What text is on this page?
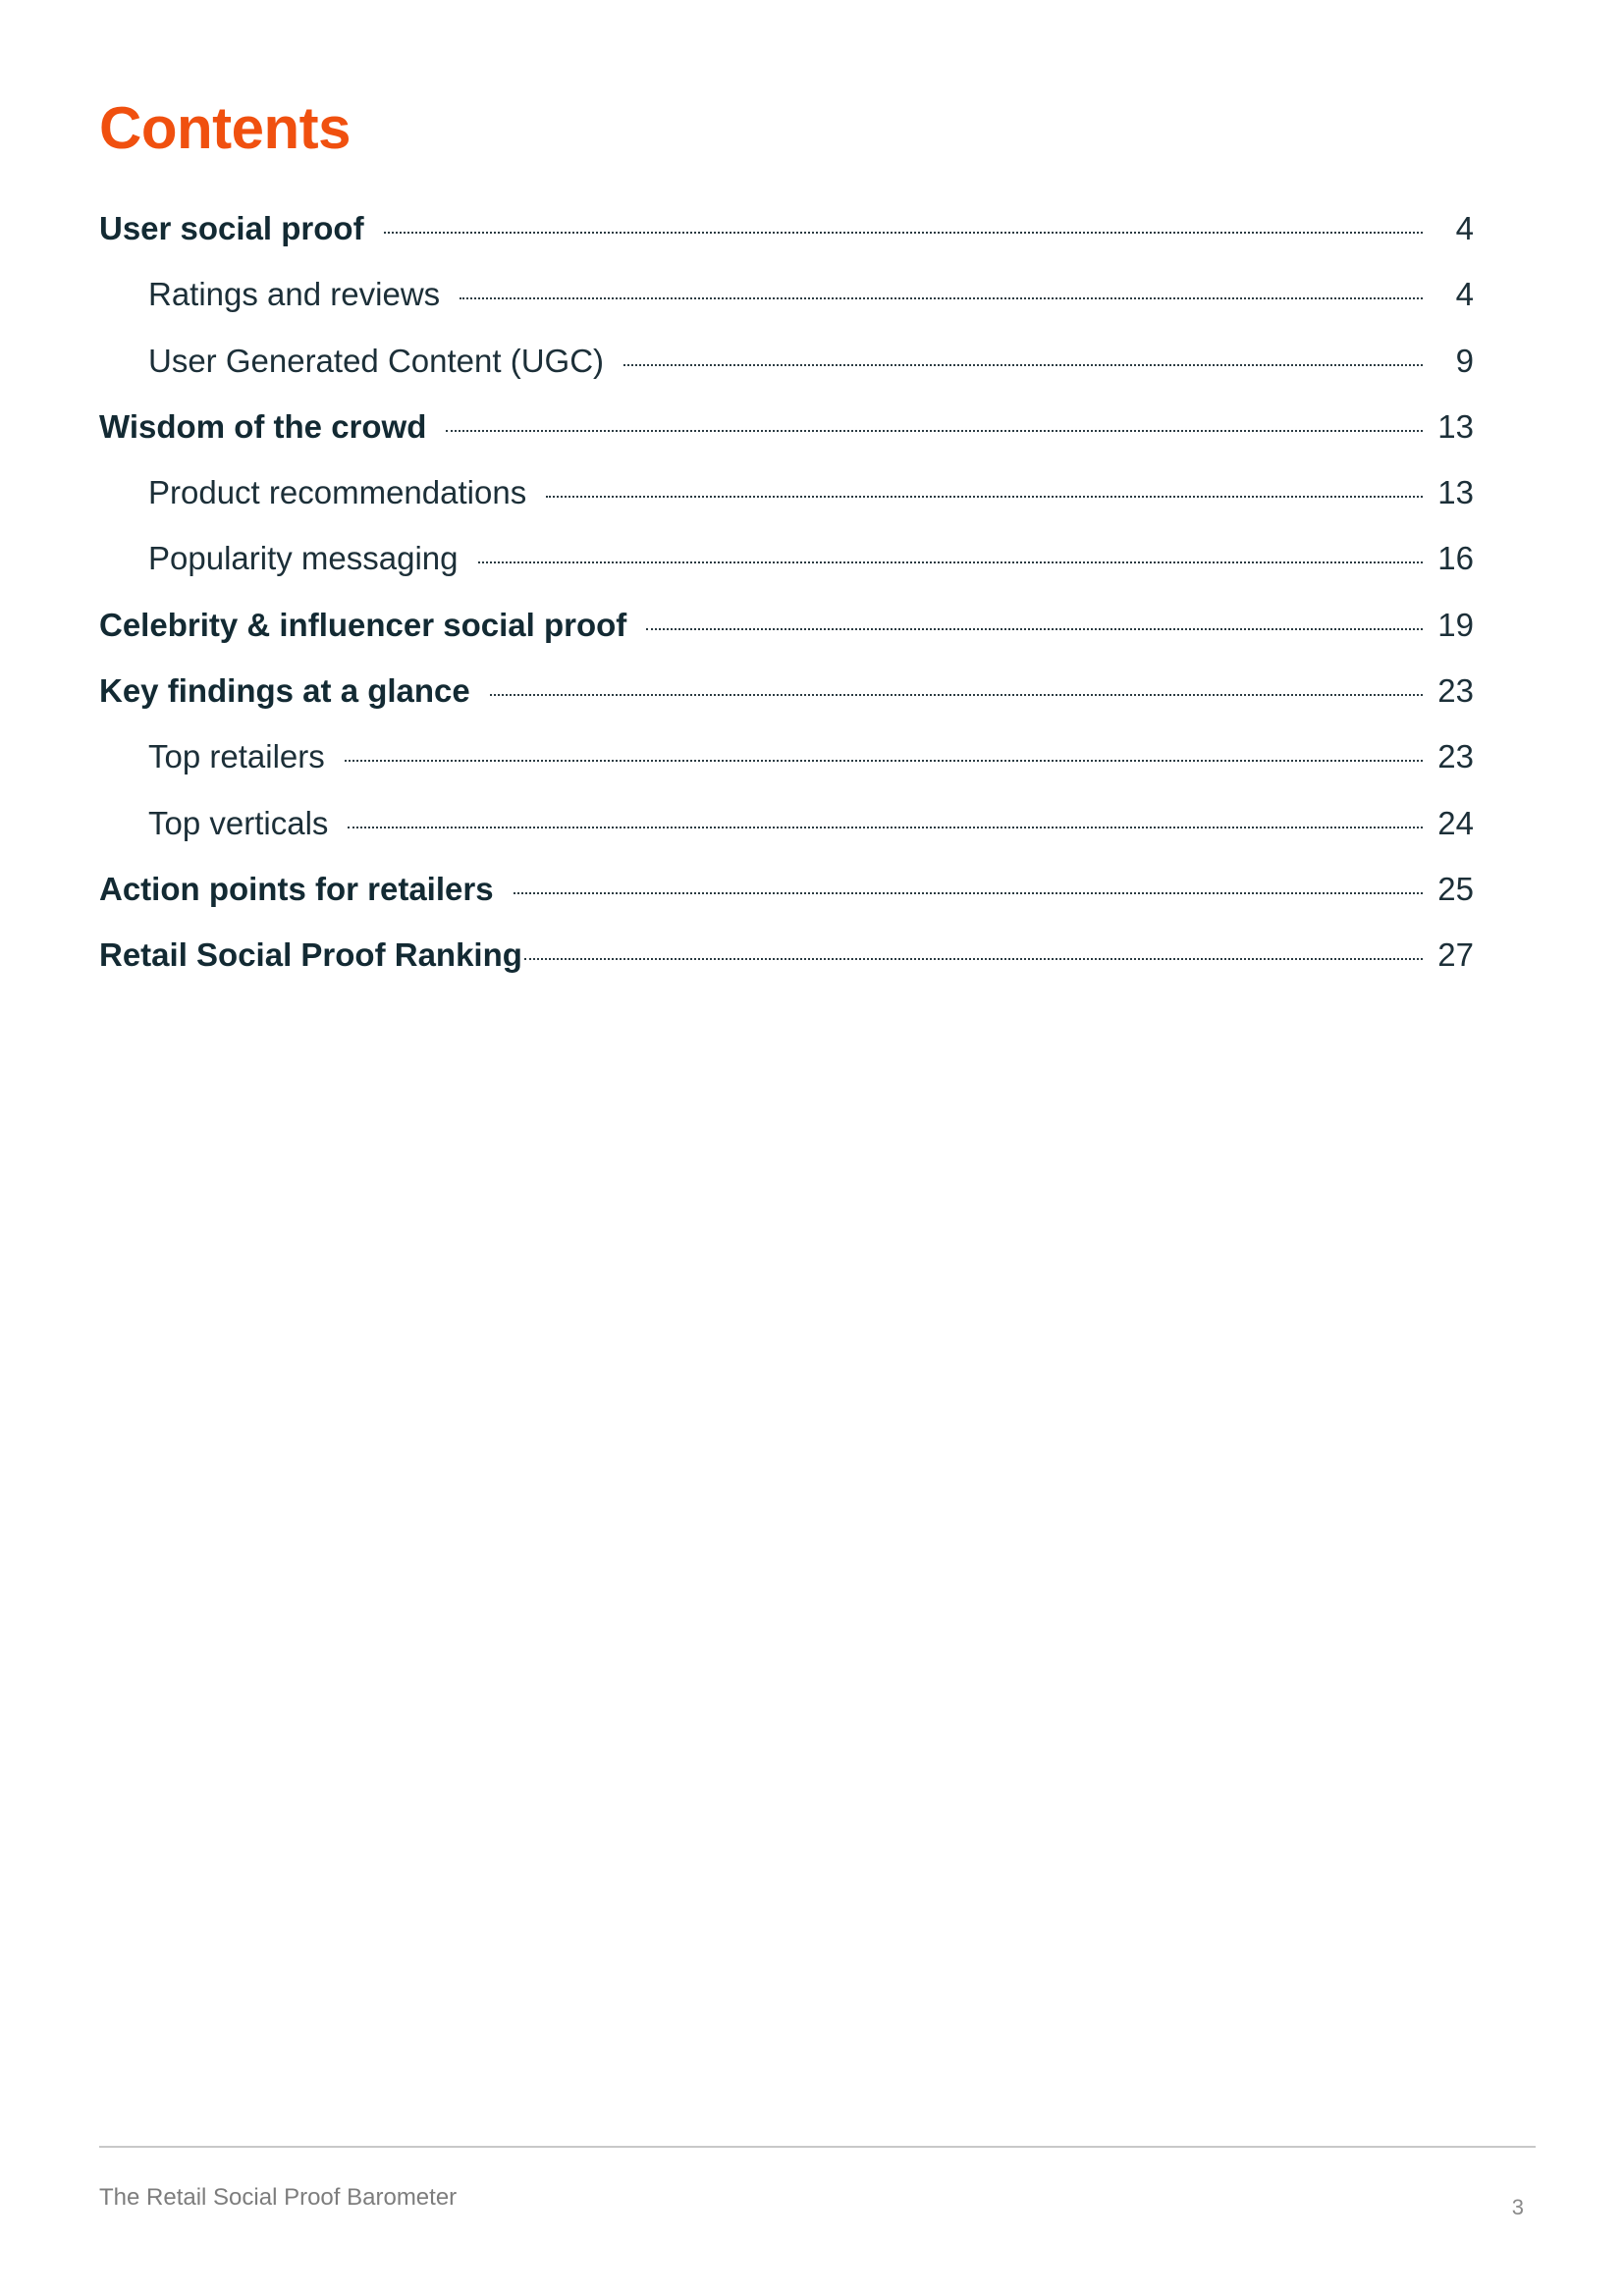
Contents
User social proof	4
Ratings and reviews	4
User Generated Content (UGC)	9
Wisdom of the crowd	13
Product recommendations	13
Popularity messaging	16
Celebrity & influencer social proof	19
Key findings at a glance	23
Top retailers	23
Top verticals	24
Action points for retailers	25
Retail Social Proof Ranking	27
The Retail Social Proof Barometer	3
